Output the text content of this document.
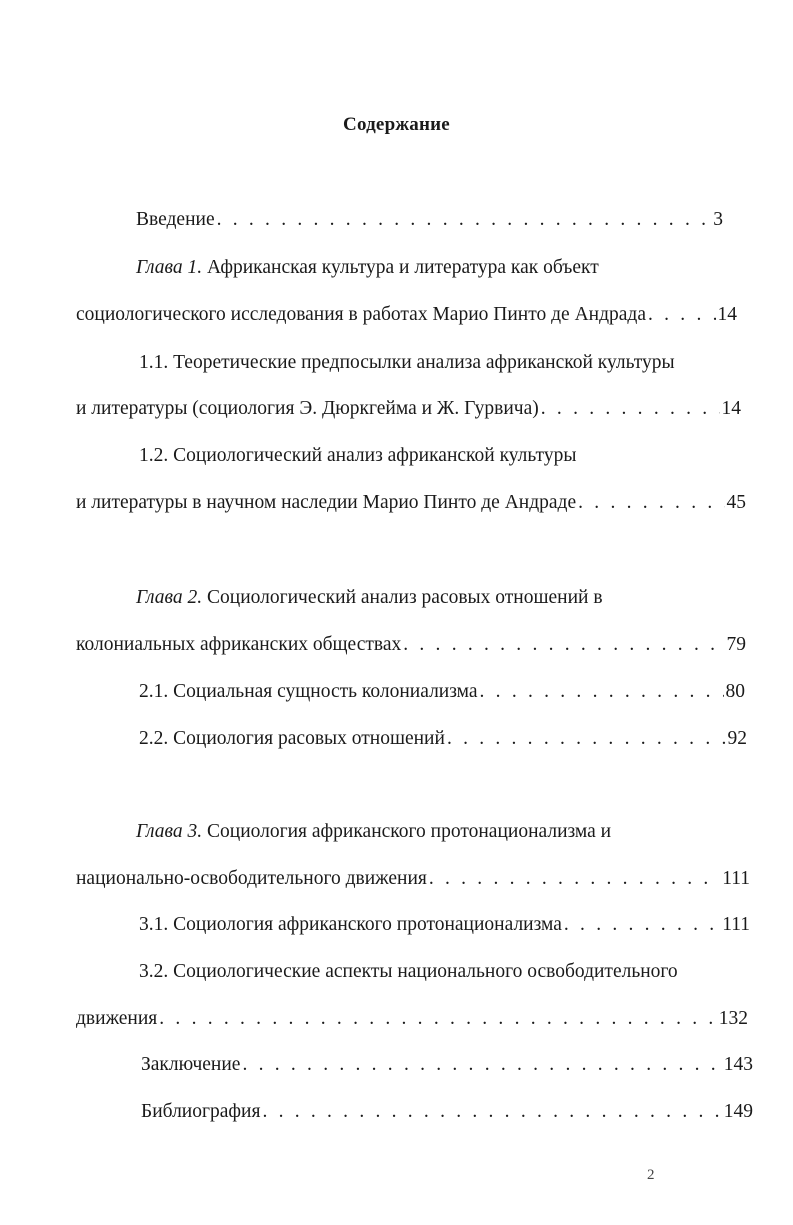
Содержание
Введение . . .	3
Глава 1. Африканская культура и литература как объект
социологического исследования в работах Марио Пинто де Андрада . . .	14
1.1. Теоретические предпосылки анализа африканской культуры
и литературы (социология Э. Дюркгейма и Ж. Гурвича) . . .	14
1.2. Социологический анализ африканской культуры
и литературы в научном наследии Марио Пинто де Андраде . . .	45
Глава 2. Социологический анализ расовых отношений в
колониальных африканских обществах . . .	79
2.1. Социальная сущность колониализма . . .	80
2.2. Социология расовых отношений . . .	92
Глава 3. Социология африканского протонационализма и
национально-освободительного движения . . .	111
3.1. Социология африканского протонационализма . . .	111
3.2. Социологические аспекты национального освободительного
движения . . .	132
Заключение . . .	143
Библиография . . .	149
2
